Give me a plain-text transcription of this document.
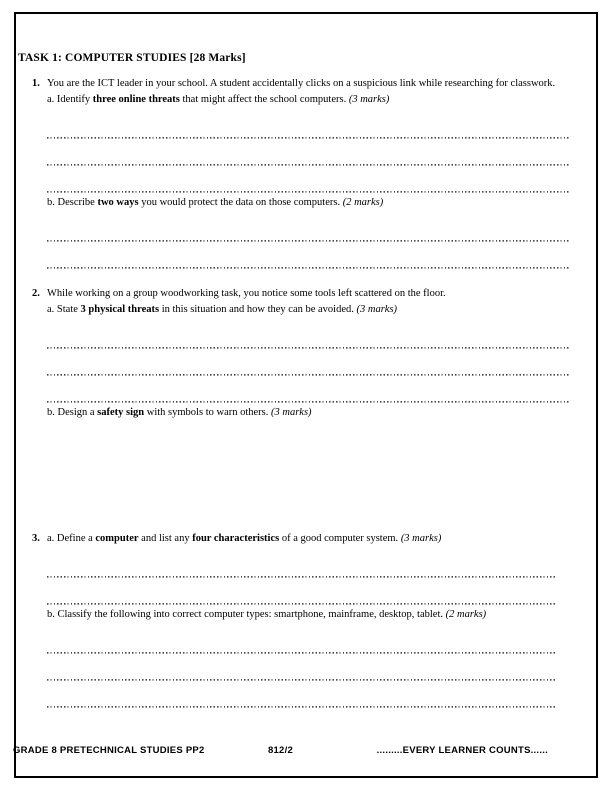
TASK 1: COMPUTER STUDIES [28 Marks]
1. You are the ICT leader in your school. A student accidentally clicks on a suspicious link while researching for classwork.

a. Identify three online threats that might affect the school computers. (3 marks)

b. Describe two ways you would protect the data on those computers. (2 marks)

2. While working on a group woodworking task, you notice some tools left scattered on the floor.

a. State 3 physical threats in this situation and how they can be avoided. (3 marks)

b. Design a safety sign with symbols to warn others. (3 marks)

3. a. Define a computer and list any four characteristics of a good computer system. (3 marks)

b. Classify the following into correct computer types: smartphone, mainframe, desktop, tablet. (2 marks)

GRADE 8 PRETECHNICAL STUDIES PP2	812/2	.........EVERY LEARNER COUNTS......
